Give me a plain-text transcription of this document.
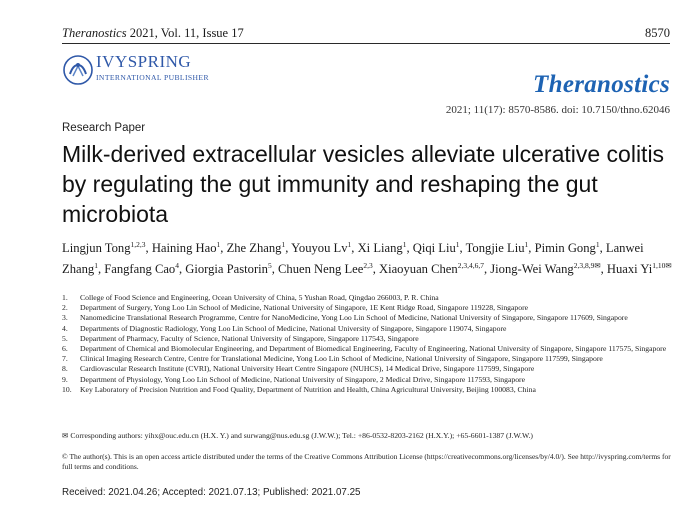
Theranostics 2021, Vol. 11, Issue 17	8570
IVYSPRING
INTERNATIONAL PUBLISHER	Theranostics
2021; 11(17): 8570-8586. doi: 10.7150/thno.62046
Research Paper
Milk-derived extracellular vesicles alleviate ulcerative colitis by regulating the gut immunity and reshaping the gut microbiota
Lingjun Tong$^{1,2,3}$, Haining Hao$^1$, Zhe Zhang$^1$, Youyou Lv$^1$, Xi Liang$^1$, Qiqi Liu$^1$, Tongjie Liu$^1$, Pimin Gong$^1$, Lanwei Zhang$^1$, Fangfang Cao$^4$, Giorgia Pastorin$^5$, Chuen Neng Lee$^{2,3}$, Xiaoyuan Chen$^{2,3,4,6,7}$, Jiong-Wei Wang$^{2,3,8,9✉}$, Huaxi $Yi^{1,10✉}$
1.	College of Food Science and Engineering, Ocean University of China, 5 Yushan Road, Qingdao 266003, P. R. China
2.	Department of Surgery, Yong Loo Lin School of Medicine, National University of Singapore, 1E Kent Ridge Road, Singapore 119228, Singapore
3.	Nanomedicine Translational Research Programme, Centre for NanoMedicine, Yong Loo Lin School of Medicine, National University of Singapore, Singapore 117609, Singapore
4.	Departments of Diagnostic Radiology, Yong Loo Lin School of Medicine, National University of Singapore, Singapore 119074, Singapore
5.	Department of Pharmacy, Faculty of Science, National University of Singapore, Singapore 117543, Singapore
6.	Department of Chemical and Biomolecular Engineering, and Department of Biomedical Engineering, Faculty of Engineering, National University of Singapore, Singapore 117575, Singapore
7.	Clinical Imaging Research Centre, Centre for Translational Medicine, Yong Loo Lin School of Medicine, National University of Singapore, Singapore 117599, Singapore
8.	Cardiovascular Research Institute (CVRI), National University Heart Centre Singapore (NUHCS), 14 Medical Drive, Singapore 117599, Singapore
9.	Department of Physiology, Yong Loo Lin School of Medicine, National University of Singapore, 2 Medical Drive, Singapore 117593, Singapore
10.	Key Laboratory of Precision Nutrition and Food Quality, Department of Nutrition and Health, China Agricultural University, Beijing 100083, China
✉ Corresponding authors: yihx@ouc.edu.cn (H.X. Y.) and surwang@nus.edu.sg (J.W.W.); Tel.: +86-0532-8203-2162 (H.X.Y.); +65-6601-1387 (J.W.W.)
© The author(s). This is an open access article distributed under the terms of the Creative Commons Attribution License (https://creativecommons.org/licenses/by/4.0/). See http://ivyspring.com/terms for full terms and conditions.
Received: 2021.04.26; Accepted: 2021.07.13; Published: 2021.07.25
